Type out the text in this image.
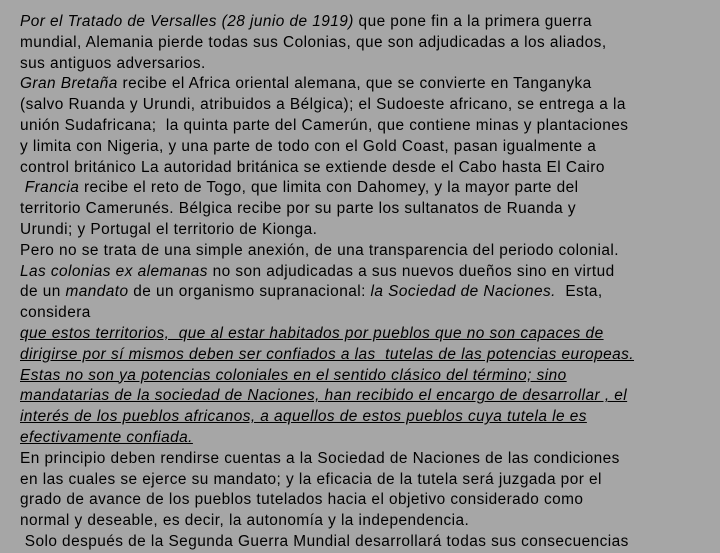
Por el Tratado de Versalles (28 junio de 1919) que pone fin a la primera guerra
mundial, Alemania pierde todas sus Colonias, que son adjudicadas a los aliados,
sus antiguos adversarios.
Gran Bretaña recibe el Africa oriental alemana, que se convierte en Tanganyka
(salvo Ruanda y Urundi, atribuidos a Bélgica); el Sudoeste africano, se entrega a la
unión Sudafricana;  la quinta parte del Camerún, que contiene minas y plantaciones
y limita con Nigeria, y una parte de todo con el Gold Coast, pasan igualmente a
control británico La autoridad británica se extiende desde el Cabo hasta El Cairo
Francia recibe el reto de Togo, que limita con Dahomey, y la mayor parte del
territorio Camerunés. Bélgica recibe por su parte los sultanatos de Ruanda y
Urundi; y Portugal el territorio de Kionga.
Pero no se trata de una simple anexión, de una transparencia del periodo colonial.
Las colonias ex alemanas no son adjudicadas a sus nuevos dueños sino en virtud
de un mandato de un organismo supranacional: la Sociedad de Naciones.  Esta,
considera
que estos territorios,  que al estar habitados por pueblos que no son capaces de
dirigirse por sí mismos deben ser confiados a las  tutelas de las potencias europeas.
Estas no son ya potencias coloniales en el sentido clásico del término; sino
mandatarias de la sociedad de Naciones, han recibido el encargo de desarrollar , el
interés de los pueblos africanos, a aquellos de estos pueblos cuya tutela le es
efectivamente confiada.
En principio deben rendirse cuentas a la Sociedad de Naciones de las condiciones
en las cuales se ejerce su mandato; y la eficacia de la tutela será juzgada por el
grado de avance de los pueblos tutelados hacia el objetivo considerado como
normal y deseable, es decir, la autonomía y la independencia.
Solo después de la Segunda Guerra Mundial desarrollará todas sus consecuencias
